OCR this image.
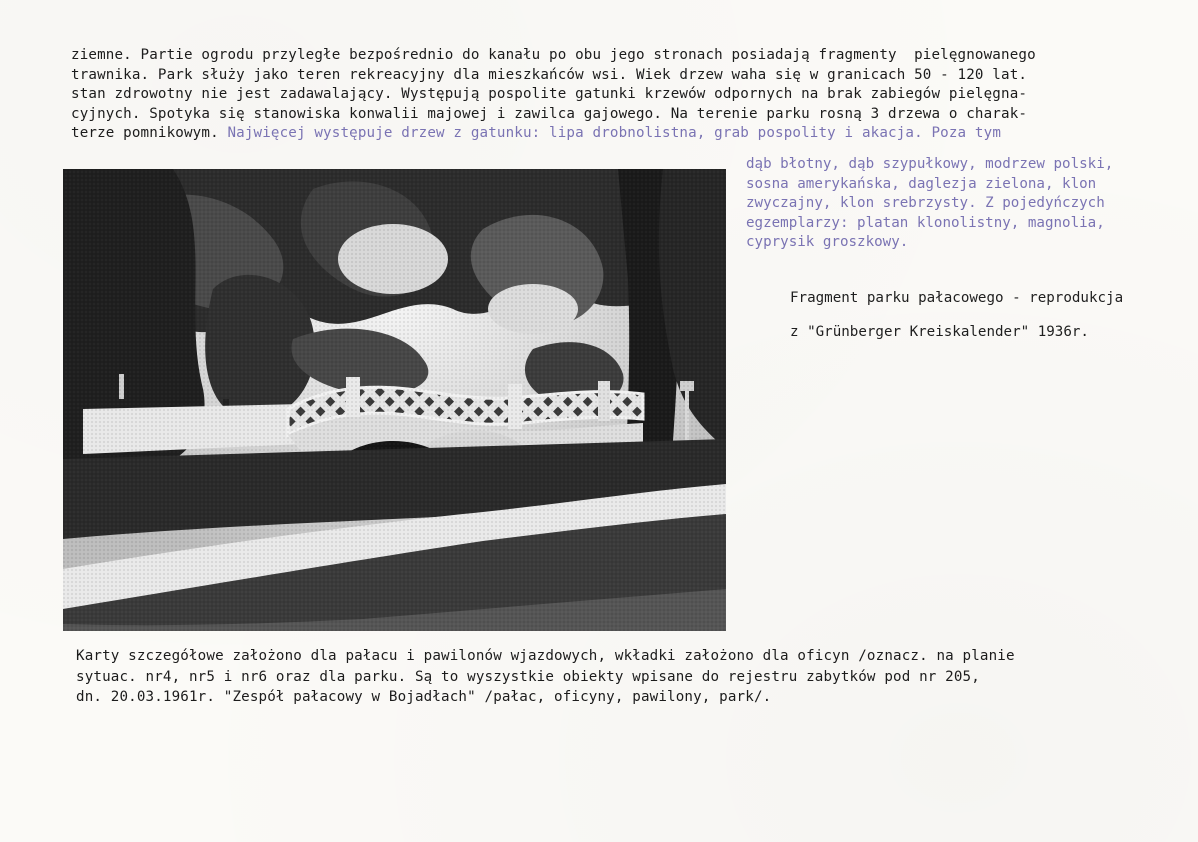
ziemne. Partie ogrodu przyległe bezpośrednio do kanału po obu jego stronach posiadają fragmenty  pielęgnowanego
trawnika. Park służy jako teren rekreacyjny dla mieszkańców wsi. Wiek drzew waha się w granicach 50 - 120 lat.
stan zdrowotny nie jest zadawalający. Występują pospolite gatunki krzewów odpornych na brak zabiegów pielęgna-
cyjnych. Spotyka się stanowiska konwalii majowej i zawilca gajowego. Na terenie parku rosną 3 drzewa o charak-
terze pomnikowym. Najwięcej występuje drzew z gatunku: lipa drobnolistna, grab pospolity i akacja. Poza tym
dąb błotny, dąb szypułkowy, modrzew polski,
sosna amerykańska, daglezja zielona, klon
zwyczajny, klon srebrzysty. Z pojedyńczych
egzemplarzy: platan klonolistny, magnolia,
cyprysik groszkowy.
Fragment parku pałacowego - reprodukcja
z "Grünberger Kreiskalender" 1936r.
Karty szczegółowe założono dla pałacu i pawilonów wjazdowych, wkładki założono dla oficyn /oznacz. na planie
sytuac. nr4, nr5 i nr6 oraz dla parku. Są to wyszystkie obiekty wpisane do rejestru zabytków pod nr 205,
dn. 20.03.1961r. "Zespół pałacowy w Bojadłach" /pałac, oficyny, pawilony, park/.
